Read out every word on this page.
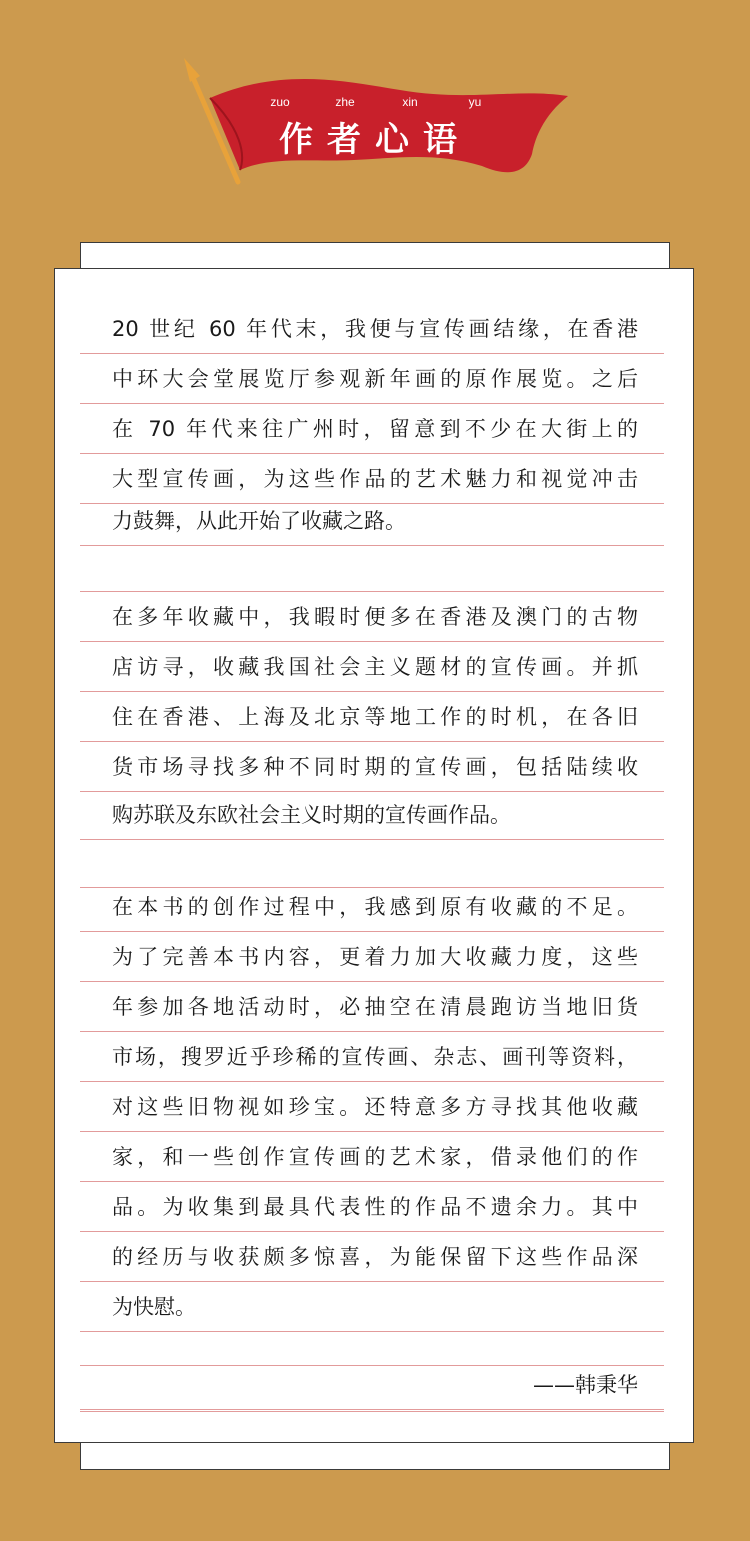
zuo	zhe	xin	yu
作者心语
20 世纪 60 年代末，我便与宣传画结缘，在香港
中环大会堂展览厅参观新年画的原作展览。之后
在 70 年代来往广州时，留意到不少在大街上的
大型宣传画，为这些作品的艺术魅力和视觉冲击
力鼓舞，从此开始了收藏之路。
在多年收藏中，我暇时便多在香港及澳门的古物
店访寻，收藏我国社会主义题材的宣传画。并抓
住在香港、上海及北京等地工作的时机，在各旧
货市场寻找多种不同时期的宣传画，包括陆续收
购苏联及东欧社会主义时期的宣传画作品。
在本书的创作过程中，我感到原有收藏的不足。
为了完善本书内容，更着力加大收藏力度，这些
年参加各地活动时，必抽空在清晨跑访当地旧货
市场，搜罗近乎珍稀的宣传画、杂志、画刊等资料，
对这些旧物视如珍宝。还特意多方寻找其他收藏
家，和一些创作宣传画的艺术家，借录他们的作
品。为收集到最具代表性的作品不遗余力。其中
的经历与收获颇多惊喜，为能保留下这些作品深
为快慰。
——韩秉华
